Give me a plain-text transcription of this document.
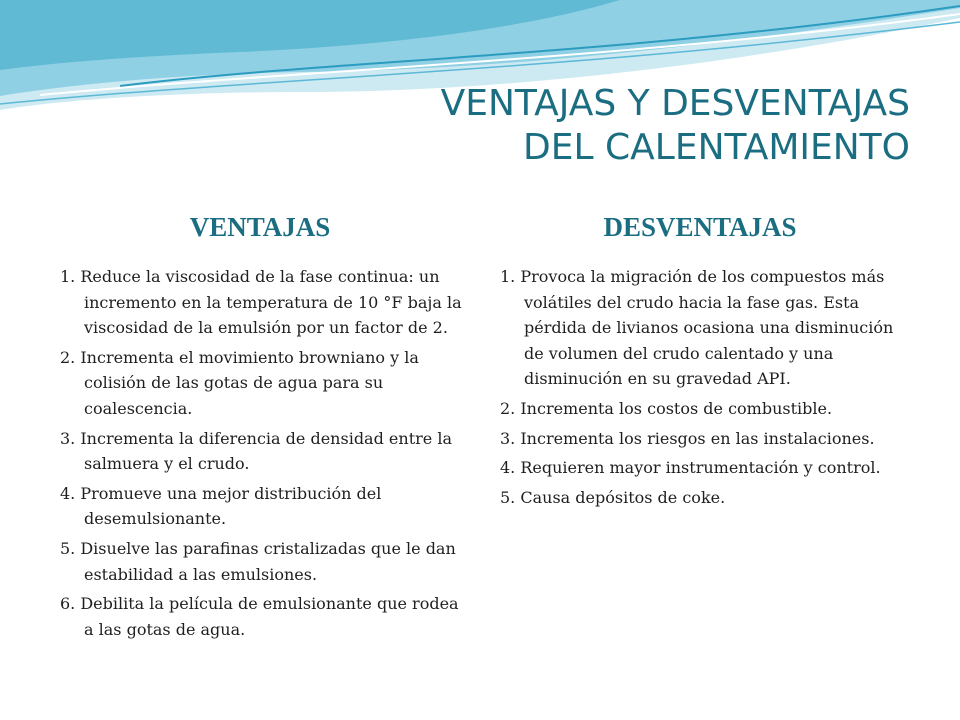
VENTAJAS Y DESVENTAJAS
DEL CALENTAMIENTO
VENTAJAS	DESVENTAJAS
1. Reduce la viscosidad de la fase continua: un incremento en la temperatura de 10 °F baja la viscosidad de la emulsión por un factor de 2.
2. Incrementa el movimiento browniano y la colisión de las gotas de agua para su coalescencia.
3. Incrementa la diferencia de densidad entre la salmuera y el crudo.
4. Promueve una mejor distribución del desemulsionante.
5. Disuelve las parafinas cristalizadas que le dan estabilidad a las emulsiones.
6. Debilita la película de emulsionante que rodea a las gotas de agua.
1. Provoca la migración de los compuestos más volátiles del crudo hacia la fase gas. Esta pérdida de livianos ocasiona una disminución de volumen del crudo calentado y una disminución en su gravedad API.
2. Incrementa los costos de combustible.
3. Incrementa los riesgos en las instalaciones.
4. Requieren mayor instrumentación y control.
5. Causa depósitos de coke.
